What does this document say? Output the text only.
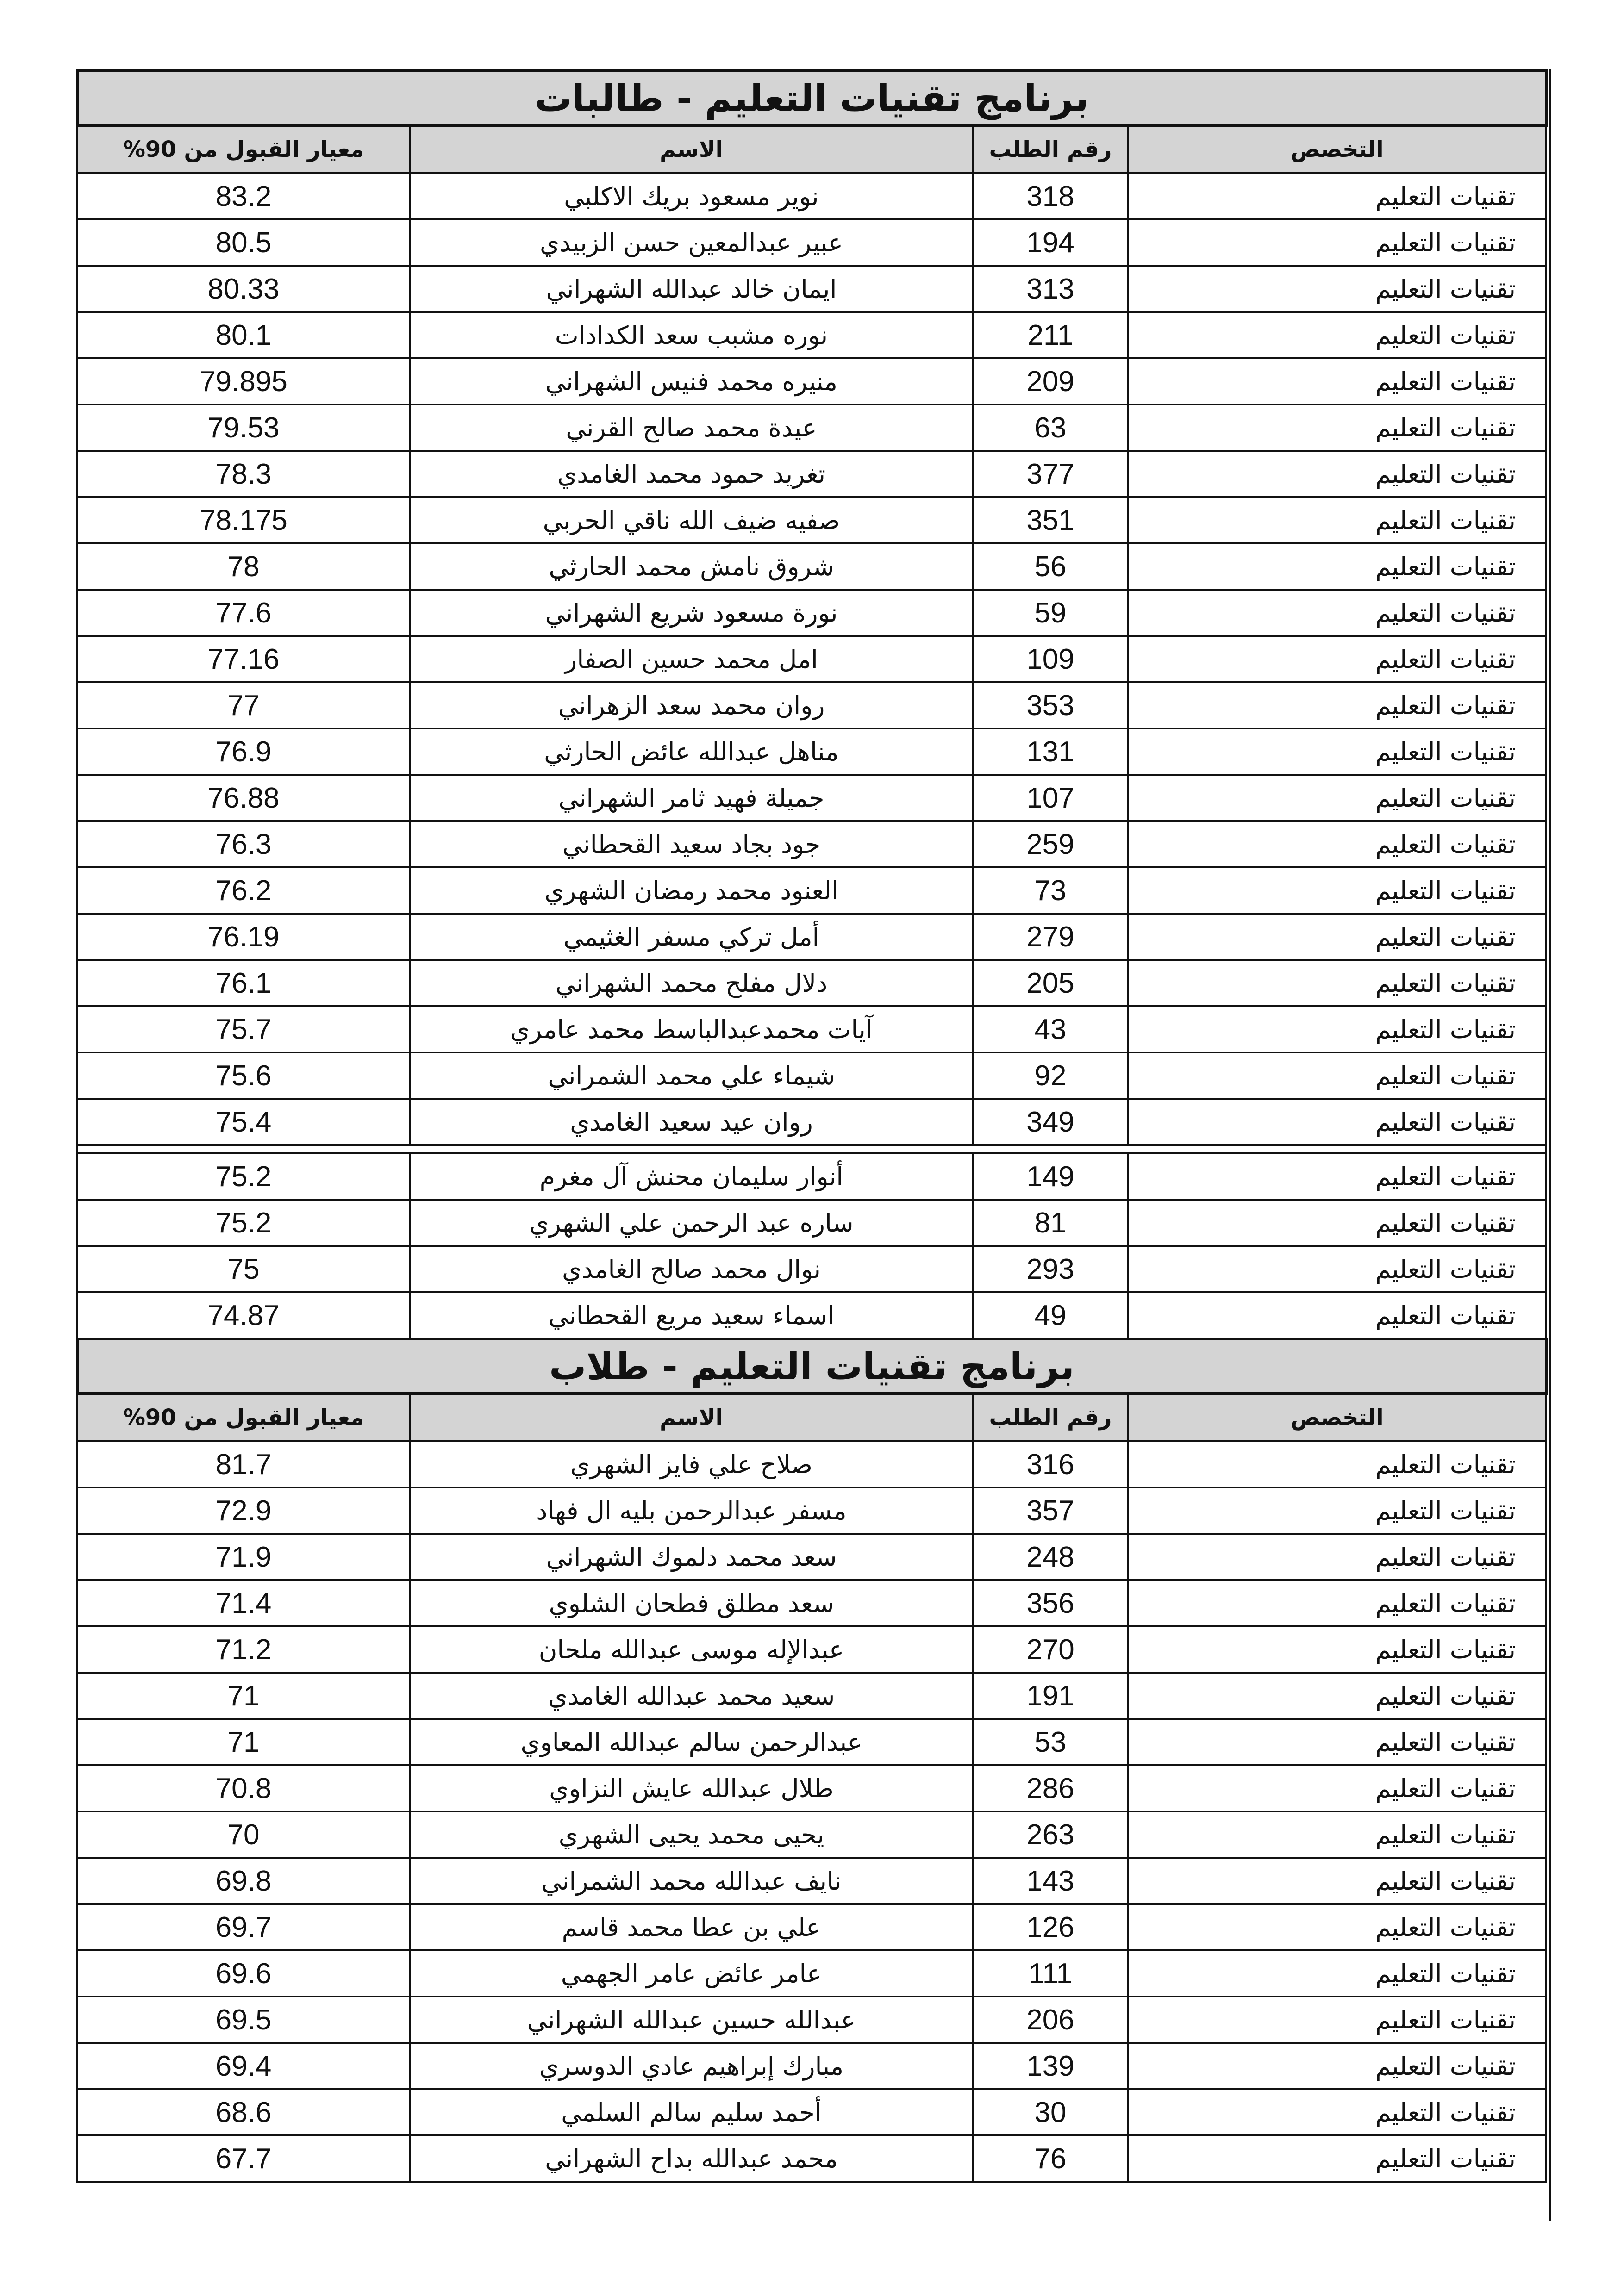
برنامج تقنيات التعليم - طالبات			
التخصص	رقم الطلب	الاسم	معيار القبول من 90%
تقنيات التعليم	318	نوير مسعود بريك الاكلبي	83.2
تقنيات التعليم	194	عبير عبدالمعين حسن الزبيدي	80.5
تقنيات التعليم	313	ايمان خالد عبدالله الشهراني	80.33
تقنيات التعليم	211	نوره مشبب سعد الكدادات	80.1
تقنيات التعليم	209	منيره محمد فنيس الشهراني	79.895
تقنيات التعليم	63	عيدة محمد صالح القرني	79.53
تقنيات التعليم	377	تغريد حمود محمد الغامدي	78.3
تقنيات التعليم	351	صفيه ضيف الله ناقي الحربي	78.175
تقنيات التعليم	56	شروق نامش محمد الحارثي	78
تقنيات التعليم	59	نورة مسعود شريع الشهراني	77.6
تقنيات التعليم	109	امل محمد حسين الصفار	77.16
تقنيات التعليم	353	روان محمد سعد الزهراني	77
تقنيات التعليم	131	مناهل عبدالله عائض الحارثي	76.9
تقنيات التعليم	107	جميلة فهيد ثامر الشهراني	76.88
تقنيات التعليم	259	جود بجاد سعيد القحطاني	76.3
تقنيات التعليم	73	العنود محمد رمضان الشهري	76.2
تقنيات التعليم	279	أمل تركي مسفر الغثيمي	76.19
تقنيات التعليم	205	دلال مفلح محمد الشهراني	76.1
تقنيات التعليم	43	آيات محمدعبدالباسط محمد عامري	75.7
تقنيات التعليم	92	شيماء علي محمد الشمراني	75.6
تقنيات التعليم	349	روان عيد سعيد الغامدي	75.4

تقنيات التعليم	149	أنوار سليمان محنش آل مغرم	75.2
تقنيات التعليم	81	ساره عبد الرحمن علي الشهري	75.2
تقنيات التعليم	293	نوال محمد صالح الغامدي	75
تقنيات التعليم	49	اسماء سعيد مريع القحطاني	74.87
برنامج تقنيات التعليم - طلاب			
التخصص	رقم الطلب	الاسم	معيار القبول من 90%
تقنيات التعليم	316	صلاح علي فايز الشهري	81.7
تقنيات التعليم	357	مسفر عبدالرحمن بليه ال فهاد	72.9
تقنيات التعليم	248	سعد محمد دلموك الشهراني	71.9
تقنيات التعليم	356	سعد مطلق فطحان الشلوي	71.4
تقنيات التعليم	270	عبدالإله موسى عبدالله ملحان	71.2
تقنيات التعليم	191	سعيد محمد عبدالله الغامدي	71
تقنيات التعليم	53	عبدالرحمن سالم عبدالله المعاوي	71
تقنيات التعليم	286	طلال عبدالله عايش النزاوي	70.8
تقنيات التعليم	263	يحيى محمد يحيى الشهري	70
تقنيات التعليم	143	نايف عبدالله محمد الشمراني	69.8
تقنيات التعليم	126	علي بن عطا محمد قاسم	69.7
تقنيات التعليم	111	عامر عائض عامر الجهمي	69.6
تقنيات التعليم	206	عبدالله حسين عبدالله الشهراني	69.5
تقنيات التعليم	139	مبارك إبراهيم عادي الدوسري	69.4
تقنيات التعليم	30	أحمد سليم سالم السلمي	68.6
تقنيات التعليم	76	محمد عبدالله بداح الشهراني	67.7
